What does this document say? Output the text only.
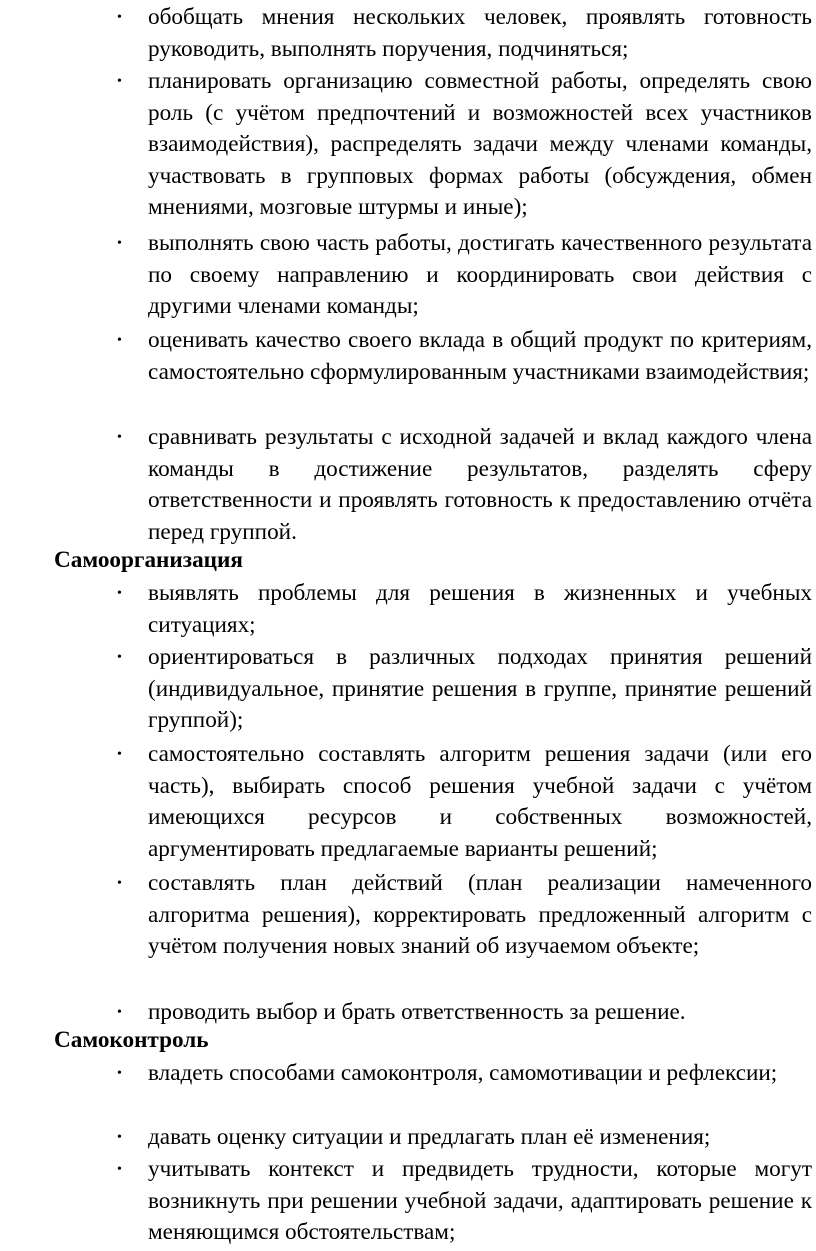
• обобщать мнения нескольких человек, проявлять готовность руководить, выполнять поручения, подчиняться;
• планировать организацию совместной работы, определять свою роль (с учётом предпочтений и возможностей всех участников взаимодействия), распределять задачи между членами команды, участвовать в групповых формах работы (обсуждения, обмен мнениями, мозговые штурмы и иные);
• выполнять свою часть работы, достигать качественного результата по своему направлению и координировать свои действия с другими членами команды;
• оценивать качество своего вклада в общий продукт по критериям, самостоятельно сформулированным участниками взаимодействия;
• сравнивать результаты с исходной задачей и вклад каждого члена команды в достижение результатов, разделять сферу ответственности и проявлять готовность к предоставлению отчёта перед группой.
Самоорганизация
• выявлять проблемы для решения в жизненных и учебных ситуациях;
• ориентироваться в различных подходах принятия решений (индивидуальное, принятие решения в группе, принятие решений группой);
• самостоятельно составлять алгоритм решения задачи (или его часть), выбирать способ решения учебной задачи с учётом имеющихся ресурсов и собственных возможностей, аргументировать предлагаемые варианты решений;
• составлять план действий (план реализации намеченного алгоритма решения), корректировать предложенный алгоритм с учётом получения новых знаний об изучаемом объекте;
• проводить выбор и брать ответственность за решение.
Самоконтроль
• владеть способами самоконтроля, самомотивации и рефлексии;
• давать оценку ситуации и предлагать план её изменения;
• учитывать контекст и предвидеть трудности, которые могут возникнуть при решении учебной задачи, адаптировать решение к меняющимся обстоятельствам;
